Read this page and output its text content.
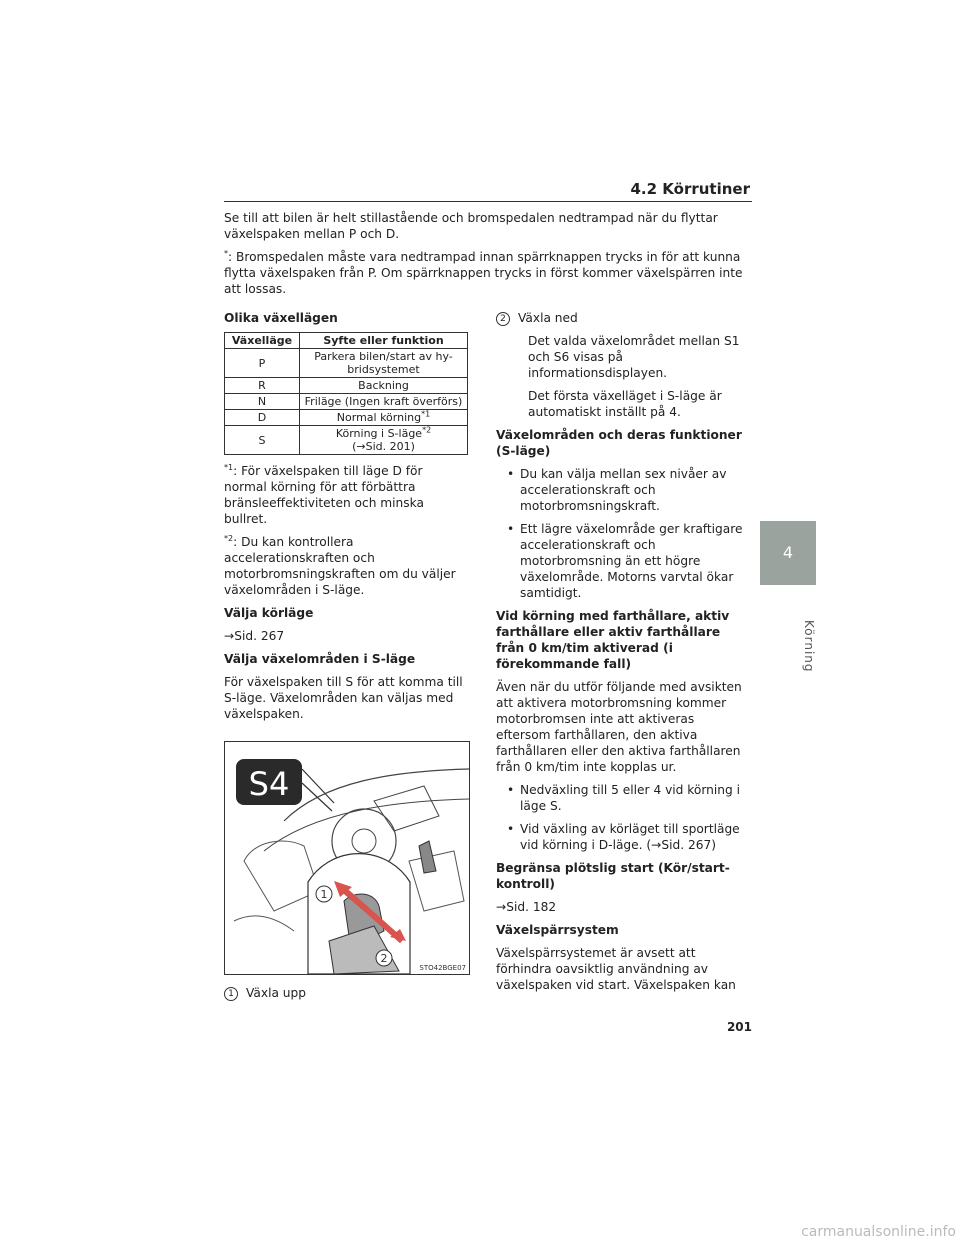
4.2 Körrutiner

Se till att bilen är helt stillastående och bromspedalen nedtrampad när du flyttar växelspaken mellan P och D.

*: Bromspedalen måste vara nedtrampad innan spärrknappen trycks in för att kunna flytta växelspaken från P. Om spärrknappen trycks in först kommer växelspärren inte att lossas.

Olika växellägen
Växelläge	Syfte eller funktion
P	Parkera bilen/start av hy-bridsystemet
R	Backning
N	Friläge (Ingen kraft överförs)
D	Normal körning$^{*1}$
S	Körning i S-läge$^{*2}$
(→Sid. 201)

$^{*1}$: För växelspaken till läge D för normal körning för att förbättra bränsleeffektiviteten och minska bullret.

$^{*2}$: Du kan kontrollera accelerationskraften och motorbromsningskraften om du väljer växelområden i S-läge.

Välja körläge

→Sid. 267

Välja växelområden i S-läge

För växelspaken till S för att komma till S-läge. Växelområden kan väljas med växelspaken.

S4
1
2
STO42BGE07
1 Växla upp

2 Växla ned

Det valda växelområdet mellan S1 och S6 visas på informationsdisplayen.

Det första växelläget i S-läge är automatiskt inställt på 4.

Växelområden och deras funktioner (S-läge)

• Du kan välja mellan sex nivåer av accelerationskraft och motorbromsningskraft.
• Ett lägre växelområde ger kraftigare accelerationskraft och motorbromsning än ett högre växelområde. Motorns varvtal ökar samtidigt.

Vid körning med farthållare, aktiv farthållare eller aktiv farthållare från 0 km/tim aktiverad (i förekommande fall)

Även när du utför följande med avsikten att aktivera motorbromsning kommer motorbromsen inte att aktiveras eftersom farthållaren, den aktiva farthållaren eller den aktiva farthållaren från 0 km/tim inte kopplas ur.

• Nedväxling till 5 eller 4 vid körning i läge S.
• Vid växling av körläget till sportläge vid körning i D-läge. (→Sid. 267)

Begränsa plötslig start (Kör/start-kontroll)

→Sid. 182

Växelspärrsystem

Växelspärrsystemet är avsett att förhindra oavsiktlig användning av växelspaken vid start. Växelspaken kan

4
Körning
201
carmanualsonline.info
